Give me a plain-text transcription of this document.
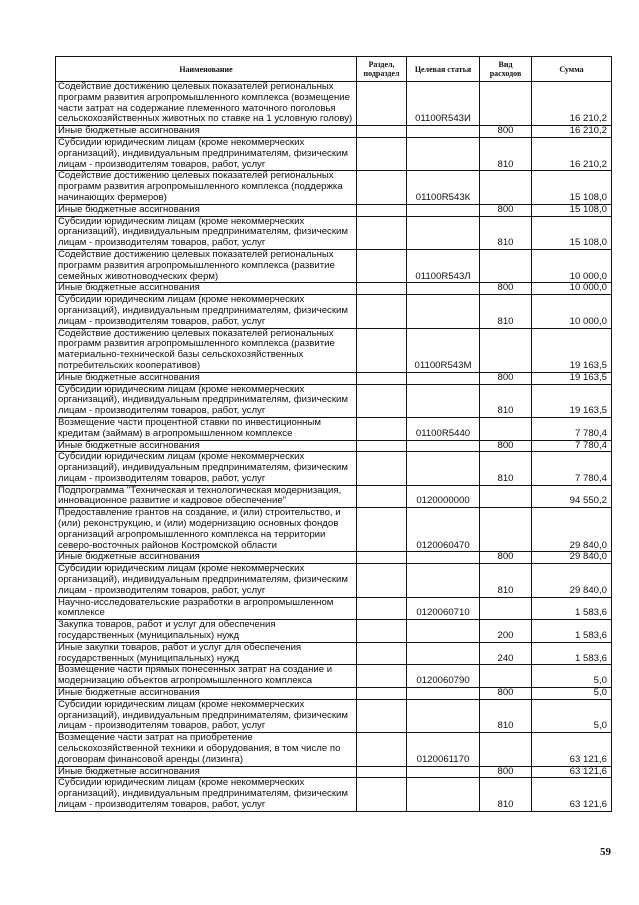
Наименование	Раздел, подраздел	Целевая статья	Вид расходов	Сумма
Содействие достижению целевых показателей региональных программ развития агропромышленного комплекса (возмещение части затрат на содержание племенного маточного поголовья сельскохозяйственных животных по ставке на 1 условную голову)		01100R543И		16 210,2
Иные бюджетные ассигнования			800	16 210,2
Субсидии юридическим лицам (кроме некоммерческих организаций), индивидуальным предпринимателям, физическим лицам - производителям товаров, работ, услуг			810	16 210,2
Содействие достижению целевых показателей региональных программ развития агропромышленного комплекса (поддержка начинающих фермеров)		01100R543К		15 108,0
Иные бюджетные ассигнования			800	15 108,0
Субсидии юридическим лицам (кроме некоммерческих организаций), индивидуальным предпринимателям, физическим лицам - производителям товаров, работ, услуг			810	15 108,0
Содействие достижению целевых показателей региональных программ развития агропромышленного комплекса (развитие семейных животноводческих ферм)		01100R543Л		10 000,0
Иные бюджетные ассигнования			800	10 000,0
Субсидии юридическим лицам (кроме некоммерческих организаций), индивидуальным предпринимателям, физическим лицам - производителям товаров, работ, услуг			810	10 000,0
Содействие достижению целевых показателей региональных программ развития агропромышленного комплекса (развитие материально-технической базы сельскохозяйственных потребительских кооперативов)		01100R543М		19 163,5
Иные бюджетные ассигнования			800	19 163,5
Субсидии юридическим лицам (кроме некоммерческих организаций), индивидуальным предпринимателям, физическим лицам - производителям товаров, работ, услуг			810	19 163,5
Возмещение части процентной ставки по инвестиционным кредитам (займам) в агропромышленном комплексе		01100R5440		7 780,4
Иные бюджетные ассигнования			800	7 780,4
Субсидии юридическим лицам (кроме некоммерческих организаций), индивидуальным предпринимателям, физическим лицам - производителям товаров, работ, услуг			810	7 780,4
Подпрограмма "Техническая и технологическая модернизация, инновационное развитие и кадровое обеспечение"		0120000000		94 550,2
Предоставление грантов на создание, и (или) строительство, и (или) реконструкцию, и (или) модернизацию основных фондов организаций агропромышленного комплекса на территории северо-восточных районов Костромской области		0120060470		29 840,0
Иные бюджетные ассигнования			800	29 840,0
Субсидии юридическим лицам (кроме некоммерческих организаций), индивидуальным предпринимателям, физическим лицам - производителям товаров, работ, услуг			810	29 840,0
Научно-исследовательские разработки в агропромышленном комплексе		0120060710		1 583,6
Закупка товаров, работ и услуг для обеспечения государственных (муниципальных) нужд			200	1 583,6
Иные закупки товаров, работ и услуг для обеспечения государственных (муниципальных) нужд			240	1 583,6
Возмещение части прямых понесенных затрат на создание и модернизацию объектов агропромышленного комплекса		0120060790		5,0
Иные бюджетные ассигнования			800	5,0
Субсидии юридическим лицам (кроме некоммерческих организаций), индивидуальным предпринимателям, физическим лицам - производителям товаров, работ, услуг			810	5,0
Возмещение части затрат на приобретение сельскохозяйственной техники и оборудования, в том числе по договорам финансовой аренды (лизинга)		0120061170		63 121,6
Иные бюджетные ассигнования			800	63 121,6
Субсидии юридическим лицам (кроме некоммерческих организаций), индивидуальным предпринимателям, физическим лицам - производителям товаров, работ, услуг			810	63 121,6
59
